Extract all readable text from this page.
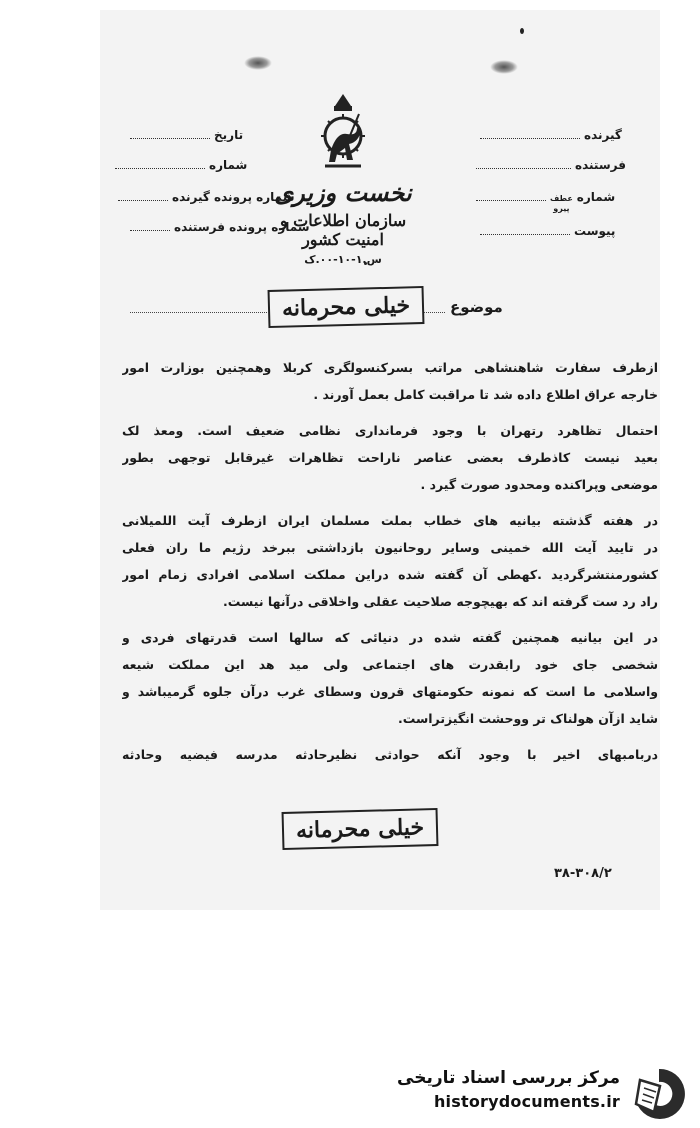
تاریخ
شماره
شماره پرونده گیرنده
شماره پرونده فرستنده
گیرنده
فرستنده
شماره
عطف
پیرو
پیوست
نخست وزیری
سازمان اطلاعات و امنیت کشور
س.۱-۱۰-۰۰.ک
موضوع
خیلی محرمانه
ازطرف سفارت شاهنشاهی مراتب بسرکنسولگری کربلا وهمچنین بوزارت امور
خارجه عراق اطلاع داده شد تا مراقبت کامل بعمل آورند .
احتمال تظاهرد رتهران با وجود فرمانداری نظامی ضعیف است. ومعذ لک
بعید نیست کاذطرف بعضی عناصر ناراحت تظاهرات غیرقابل توجهی بطور
موضعی وپراکنده ومحدود صورت گیرد .
در هفته گذشته بیانیه های خطاب بملت مسلمان ایران ازطرف آیت اللمیلانی
در تایید آیت الله خمینی وسایر روحانیون بازداشتی ببرخد رژیم ما ران فعلی
کشورمنتشرگردید .کهطی آن گفته شده دراین مملکت اسلامی افرادی زمام امور
راد رد ست گرفته اند که بهیچوجه صلاحیت عقلی واخلاقی درآنها نیست.
در این بیانیه همچنین گفته شده در دنیائی که سالها است قدرتهای فردی و
شخصی جای خود رابقدرت های اجتماعی ولی مید هد این مملکت شیعه
واسلامی ما است که نمونه حکومتهای قرون وسطای غرب درآن جلوه گرمیباشد و
شاید ازآن هولناک تر ووحشت انگیزتراست.
دربامبهای اخیر با وجود آنکه حوادثی نظیرحادثه مدرسه فیضیه وحادثه
خیلی محرمانه
۳۸-۳۰۸/۲
مرکز بررسی اسناد تاریخی
historydocuments.ir
